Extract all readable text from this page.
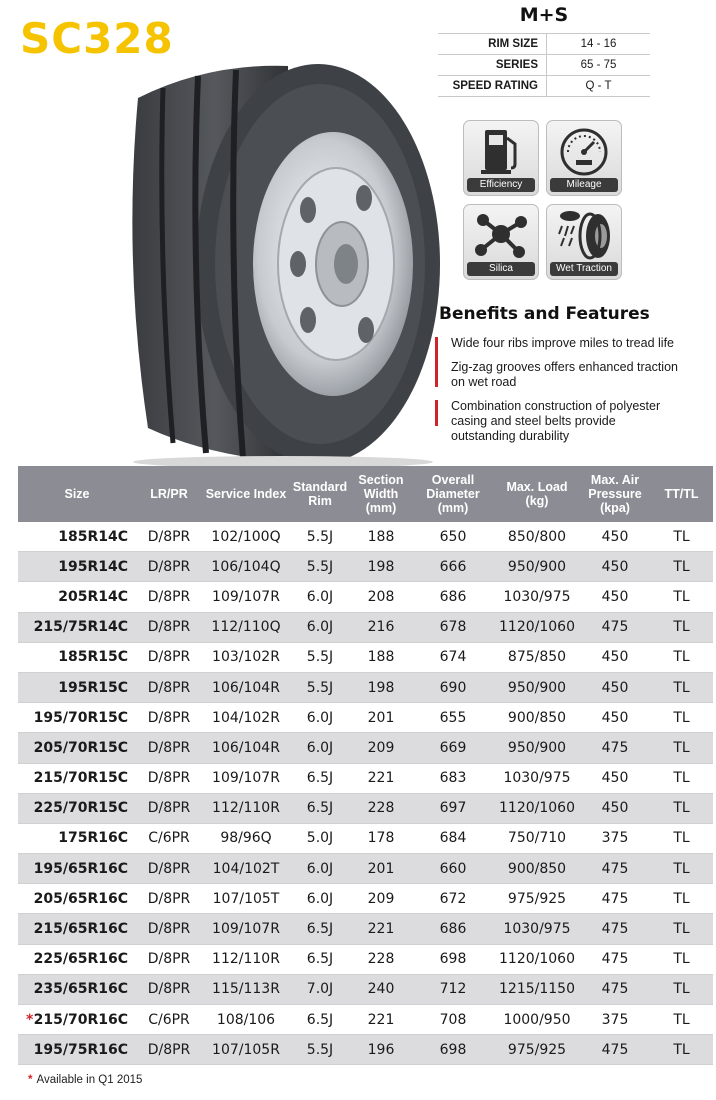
SC328	M+S
RIM SIZE	14 - 16
SERIES	65 - 75
SPEED RATING	Q - T
Efficiency	Mileage
Silica	Wet Traction
Benefits and Features
Wide four ribs improve miles to tread life
Zig-zag grooves offers enhanced traction on wet road
Combination construction of polyester casing and steel belts provide outstanding durability
Size	LR/PR	Service Index	Standard Rim	Section Width (mm)	Overall Diameter (mm)	Max. Load (kg)	Max. Air Pressure (kpa)	TT/TL
185R14C	D/8PR	102/100Q	5.5J	188	650	850/800	450	TL
195R14C	D/8PR	106/104Q	5.5J	198	666	950/900	450	TL
205R14C	D/8PR	109/107R	6.0J	208	686	1030/975	450	TL
215/75R14C	D/8PR	112/110Q	6.0J	216	678	1120/1060	475	TL
185R15C	D/8PR	103/102R	5.5J	188	674	875/850	450	TL
195R15C	D/8PR	106/104R	5.5J	198	690	950/900	450	TL
195/70R15C	D/8PR	104/102R	6.0J	201	655	900/850	450	TL
205/70R15C	D/8PR	106/104R	6.0J	209	669	950/900	475	TL
215/70R15C	D/8PR	109/107R	6.5J	221	683	1030/975	450	TL
225/70R15C	D/8PR	112/110R	6.5J	228	697	1120/1060	450	TL
175R16C	C/6PR	98/96Q	5.0J	178	684	750/710	375	TL
195/65R16C	D/8PR	104/102T	6.0J	201	660	900/850	475	TL
205/65R16C	D/8PR	107/105T	6.0J	209	672	975/925	475	TL
215/65R16C	D/8PR	109/107R	6.5J	221	686	1030/975	475	TL
225/65R16C	D/8PR	112/110R	6.5J	228	698	1120/1060	475	TL
235/65R16C	D/8PR	115/113R	7.0J	240	712	1215/1150	475	TL

* 215/70R16C	C/6PR	108/106	6.5J	221	708	1000/950	375	TL
195/75R16C	D/8PR	107/105R	5.5J	196	698	975/925	475	TL
* Available in Q1 2015
